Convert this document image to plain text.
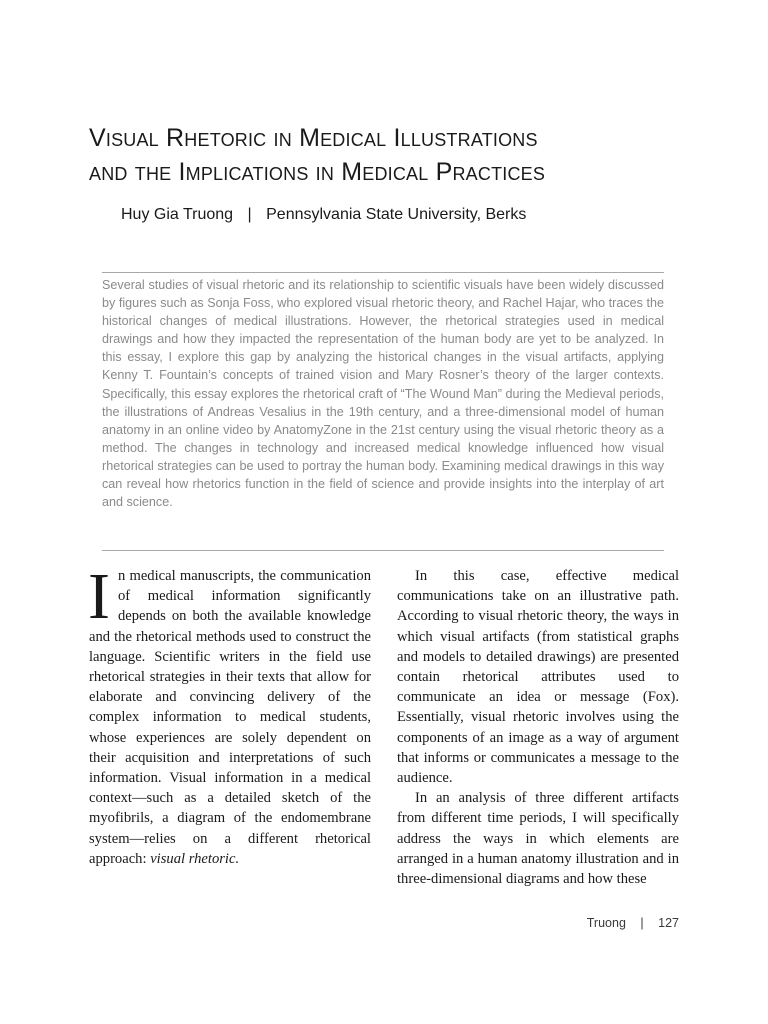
Visual Rhetoric in Medical Illustrations
and the Implications in Medical Practices
Huy Gia Truong | Pennsylvania State University, Berks

Several studies of visual rhetoric and its relationship to scientific visuals have been widely discussed by figures such as Sonja Foss, who explored visual rhetoric theory, and Rachel Hajar, who traces the historical changes of medical illustrations. However, the rhetorical strategies used in medical drawings and how they impacted the representation of the human body are yet to be analyzed. In this essay, I explore this gap by analyzing the historical changes in the visual artifacts, applying Kenny T. Fountain’s concepts of trained vision and Mary Rosner’s theory of the larger contexts. Specifically, this essay explores the rhetorical craft of “The Wound Man” during the Medieval periods, the illustrations of Andreas Vesalius in the 19th century, and a three-dimensional model of human anatomy in an online video by AnatomyZone in the 21st century using the visual rhetoric theory as a method. The changes in technology and increased medical knowledge influenced how visual rhetorical strategies can be used to portray the human body. Examining medical drawings in this way can reveal how rhetorics function in the field of science and provide insights into the interplay of art and science.

In medical manuscripts, the communication of medical information significantly depends on both the available knowledge and the rhetorical methods used to construct the language. Scientific writers in the field use rhetorical strategies in their texts that allow for elaborate and convincing delivery of the complex information to medical students, whose experiences are solely dependent on their acquisition and interpretations of such information. Visual information in a medical context—such as a detailed sketch of the myofibrils, a diagram of the endomembrane system—relies on a different rhetorical approach: visual rhetoric.

In this case, effective medical communications take on an illustrative path. According to visual rhetoric theory, the ways in which visual artifacts (from statistical graphs and models to detailed drawings) are presented contain rhetorical attributes used to communicate an idea or message (Fox). Essentially, visual rhetoric involves using the components of an image as a way of argument that informs or communicates a message to the audience.

In an analysis of three different artifacts from different time periods, I will specifically address the ways in which elements are arranged in a human anatomy illustration and in three-dimensional diagrams and how these

Truong | 127
